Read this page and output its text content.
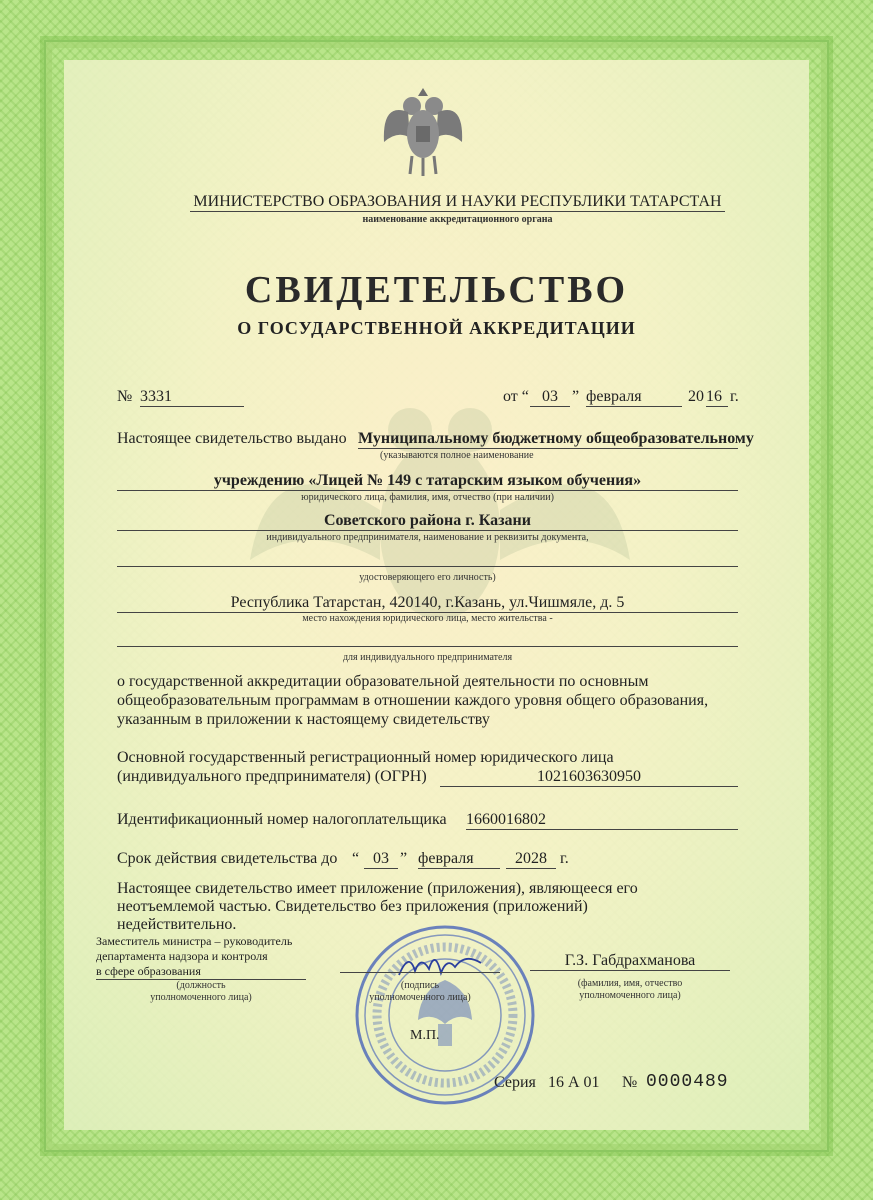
МИНИСТЕРСТВО ОБРАЗОВАНИЯ И НАУКИ РЕСПУБЛИКИ ТАТАРСТАН
наименование аккредитационного органа
СВИДЕТЕЛЬСТВО
О ГОСУДАРСТВЕННОЙ АККРЕДИТАЦИИ
№ 3331	от “ 03 ” февраля	20 16 г.
Настоящее свидетельство выдано Муниципальному бюджетному общеобразовательному
(указываются полное наименование
учреждению «Лицей № 149 с татарским языком обучения»
юридического лица, фамилия, имя, отчество (при наличии)
Советского района г. Казани
индивидуального предпринимателя, наименование и реквизиты документа,
удостоверяющего его личность)
Республика Татарстан, 420140, г.Казань, ул.Чишмяле, д. 5
место нахождения юридического лица, место жительства -
для индивидуального предпринимателя
о государственной аккредитации образовательной деятельности по основным
общеобразовательным программам в отношении каждого уровня общего образования,
указанным в приложении к настоящему свидетельству
Основной государственный регистрационный номер юридического лица
(индивидуального предпринимателя) (ОГРН)	1021603630950
Идентификационный номер налогоплательщика 1660016802
Срок действия свидетельства до “ 03 ” февраля	2028 г.
Настоящее свидетельство имеет приложение (приложения), являющееся его
неотъемлемой частью. Свидетельство без приложения (приложений)
недействительно.
Заместитель министра – руководитель
департамента надзора и контроля
в сфере образования
(должность
уполномоченного лица)
(подпись
уполномоченного лица)
Г.З. Габдрахманова
(фамилия, имя, отчество
уполномоченного лица)
М.П.
Серия 16 А 01 № 0000489
